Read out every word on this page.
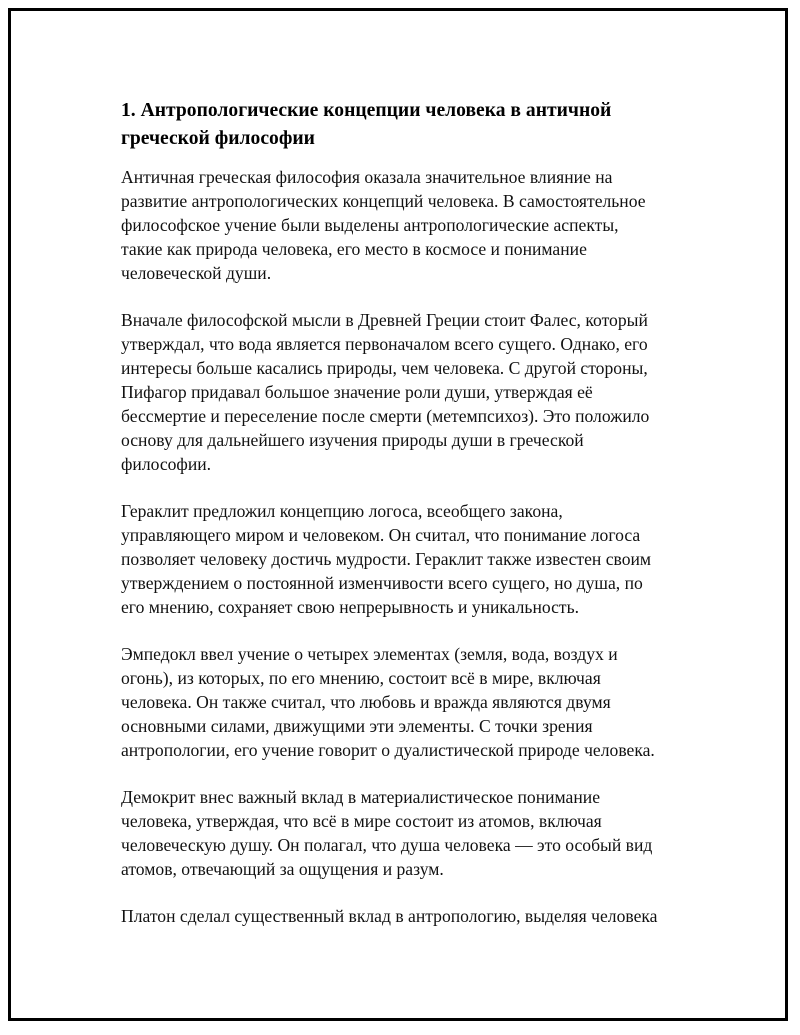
1. Антропологические концепции человека в античной
греческой философии

Античная греческая философия оказала значительное влияние на
развитие антропологических концепций человека. В самостоятельное
философское учение были выделены антропологические аспекты,
такие как природа человека, его место в космосе и понимание
человеческой души.

Вначале философской мысли в Древней Греции стоит Фалес, который
утверждал, что вода является первоначалом всего сущего. Однако, его
интересы больше касались природы, чем человека. С другой стороны,
Пифагор придавал большое значение роли души, утверждая её
бессмертие и переселение после смерти (метемпсихоз). Это положило
основу для дальнейшего изучения природы души в греческой
философии.

Гераклит предложил концепцию логоса, всеобщего закона,
управляющего миром и человеком. Он считал, что понимание логоса
позволяет человеку достичь мудрости. Гераклит также известен своим
утверждением о постоянной изменчивости всего сущего, но душа, по
его мнению, сохраняет свою непрерывность и уникальность.

Эмпедокл ввел учение о четырех элементах (земля, вода, воздух и
огонь), из которых, по его мнению, состоит всё в мире, включая
человека. Он также считал, что любовь и вражда являются двумя
основными силами, движущими эти элементы. С точки зрения
антропологии, его учение говорит о дуалистической природе человека.

Демокрит внес важный вклад в материалистическое понимание
человека, утверждая, что всё в мире состоит из атомов, включая
человеческую душу. Он полагал, что душа человека — это особый вид
атомов, отвечающий за ощущения и разум.

Платон сделал существенный вклад в антропологию, выделяя человека
